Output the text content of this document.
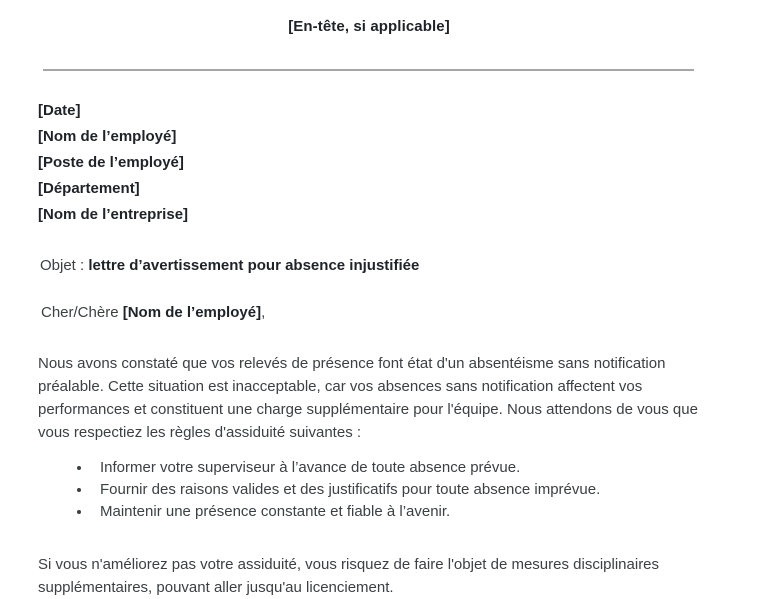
[En-tête, si applicable]

[Date]

[Nom de l’employé]

[Poste de l’employé]

[Département]

[Nom de l’entreprise]

Objet : lettre d’avertissement pour absence injustifiée

Cher/Chère [Nom de l’employé],

Nous avons constaté que vos relevés de présence font état d'un absentéisme sans notification préalable. Cette situation est inacceptable, car vos absences sans notification affectent vos performances et constituent une charge supplémentaire pour l'équipe. Nous attendons de vous que vous respectiez les règles d'assiduité suivantes :

• Informer votre superviseur à l’avance de toute absence prévue.
• Fournir des raisons valides et des justificatifs pour toute absence imprévue.
• Maintenir une présence constante et fiable à l’avenir.

Si vous n'améliorez pas votre assiduité, vous risquez de faire l'objet de mesures disciplinaires supplémentaires, pouvant aller jusqu'au licenciement.
